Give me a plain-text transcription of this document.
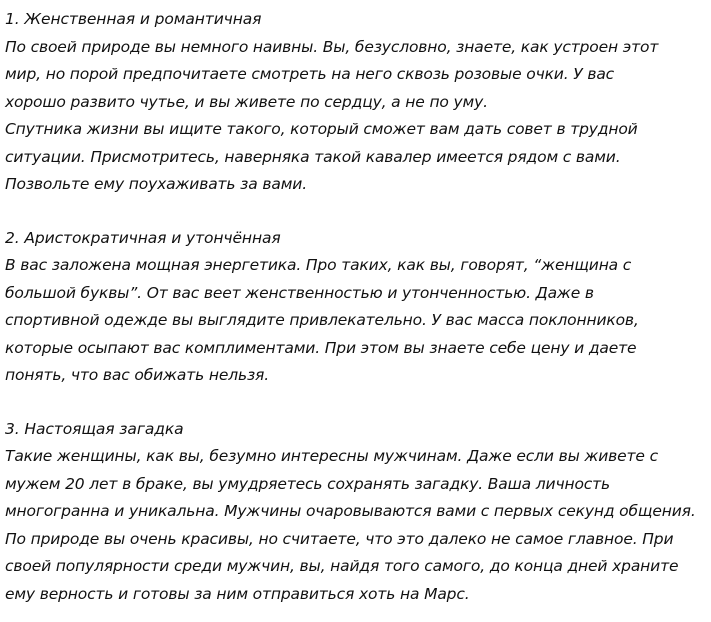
1. Женственная и романтичная
По своей природе вы немного наивны. Вы, безусловно, знаете, как устроен этот
мир, но порой предпочитаете смотреть на него сквозь розовые очки. У вас
хорошо развито чутье, и вы живете по сердцу, а не по уму.
Спутника жизни вы ищите такого, который сможет вам дать совет в трудной
ситуации. Присмотритесь, наверняка такой кавалер имеется рядом с вами.
Позвольте ему поухаживать за вами.
2. Аристократичная и утончённая
В вас заложена мощная энергетика. Про таких, как вы, говорят, “женщина с
большой буквы”. От вас веет женственностью и утонченностью. Даже в
спортивной одежде вы выглядите привлекательно. У вас масса поклонников,
которые осыпают вас комплиментами. При этом вы знаете себе цену и даете
понять, что вас обижать нельзя.
3. Настоящая загадка
Такие женщины, как вы, безумно интересны мужчинам. Даже если вы живете с
мужем 20 лет в браке, вы умудряетесь сохранять загадку. Ваша личность
многогранна и уникальна. Мужчины очаровываются вами с первых секунд общения.
По природе вы очень красивы, но считаете, что это далеко не самое главное. При
своей популярности среди мужчин, вы, найдя того самого, до конца дней храните
ему верность и готовы за ним отправиться хоть на Марс.
